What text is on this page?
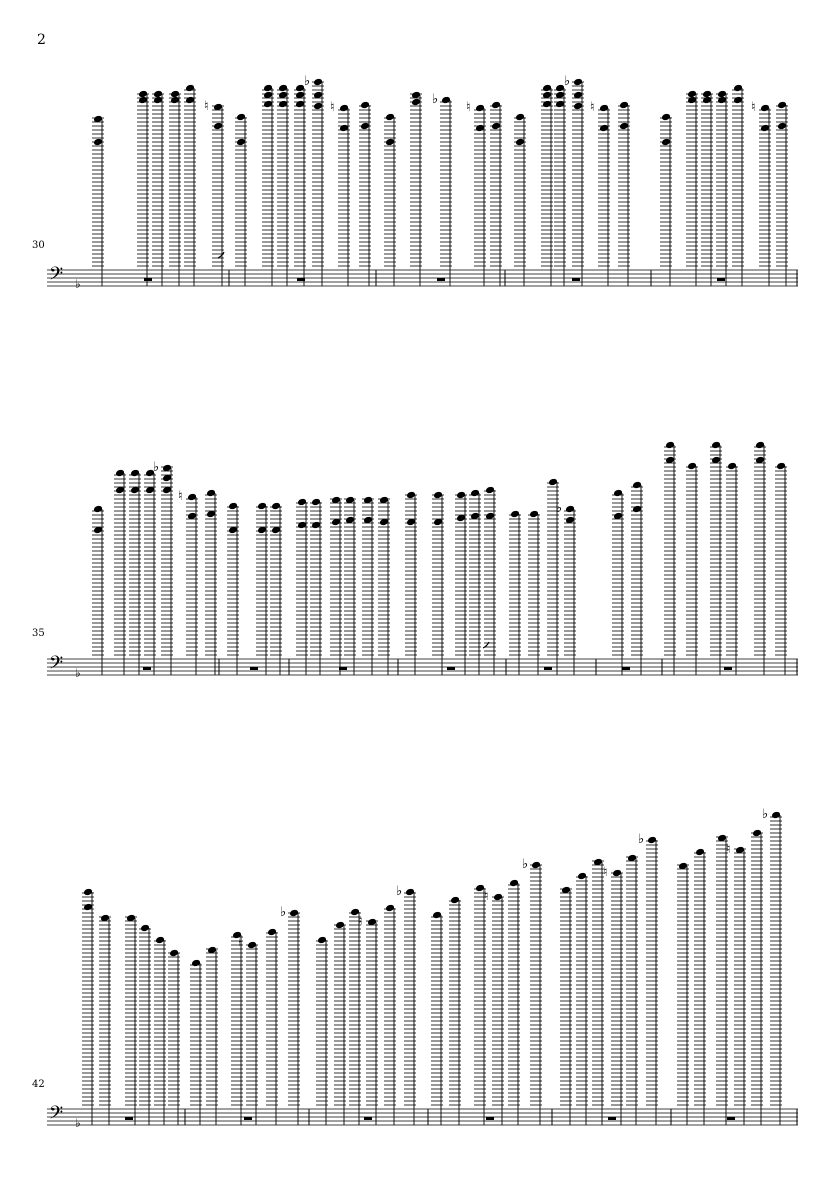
2
30
𝄢 ♭
♮
♭
♮
♭
♮
♭
♮	♮
35
𝄢 ♭
♭
♮
♭
42
𝄢 ♭
♮
♭
♮
♭	♮
♭
♮
♭
♮
♭
